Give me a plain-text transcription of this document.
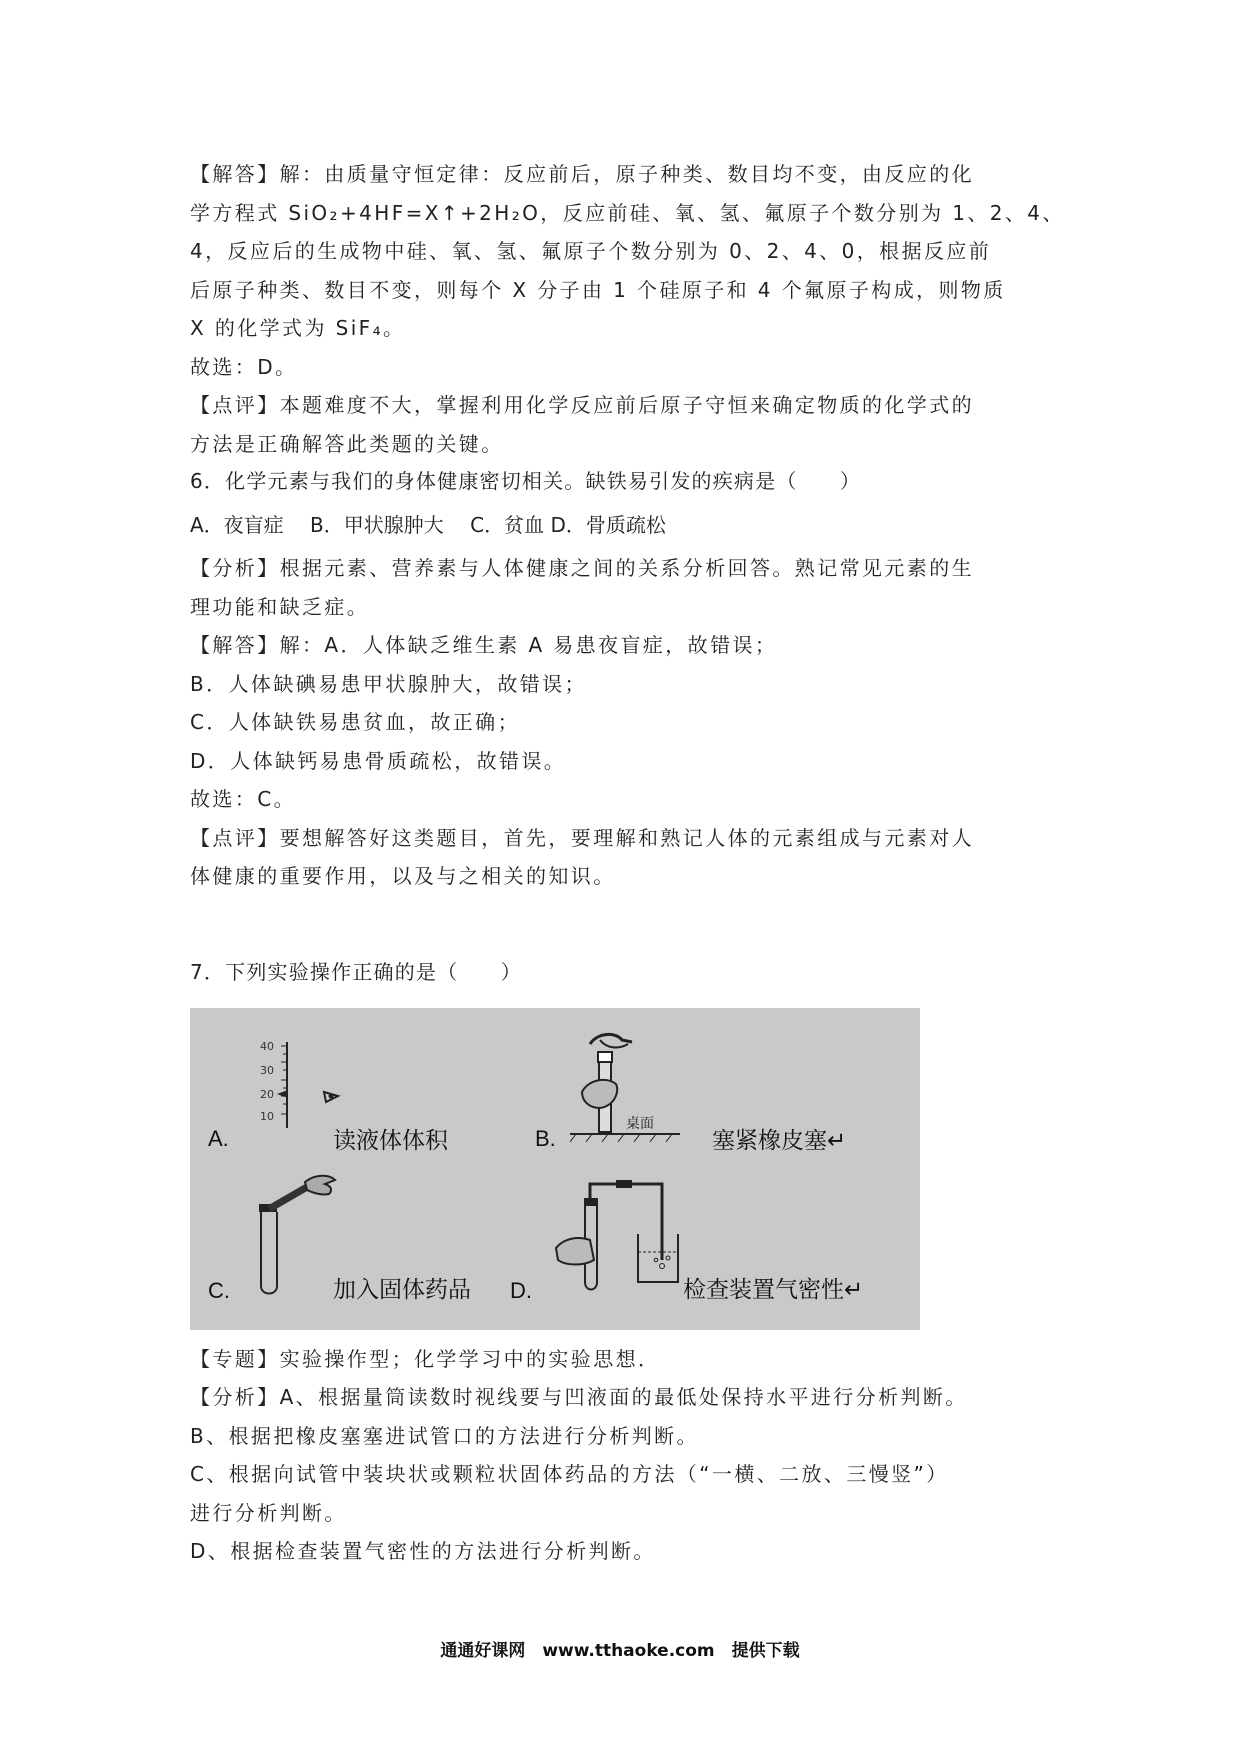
【解答】解：由质量守恒定律：反应前后，原子种类、数目均不变，由反应的化
学方程式 SiO₂+4HF=X↑+2H₂O，反应前硅、氧、氢、氟原子个数分别为 1、2、4、
4，反应后的生成物中硅、氧、氢、氟原子个数分别为 0、2、4、0，根据反应前
后原子种类、数目不变，则每个 X 分子由 1 个硅原子和 4 个氟原子构成，则物质
X 的化学式为 SiF₄。
故选：D。
【点评】本题难度不大，掌握利用化学反应前后原子守恒来确定物质的化学式的
方法是正确解答此类题的关键。
6．化学元素与我们的身体健康密切相关。缺铁易引发的疾病是（　　）
A．夜盲症　 B．甲状腺肿大　 C．贫血 D．骨质疏松
【分析】根据元素、营养素与人体健康之间的关系分析回答。熟记常见元素的生
理功能和缺乏症。
【解答】解：A．人体缺乏维生素 A 易患夜盲症，故错误；
B．人体缺碘易患甲状腺肿大，故错误；
C．人体缺铁易患贫血，故正确；
D．人体缺钙易患骨质疏松，故错误。
故选：C。
【点评】要想解答好这类题目，首先，要理解和熟记人体的元素组成与元素对人
体健康的重要作用，以及与之相关的知识。
7．下列实验操作正确的是（　　）
A.
40
30
20
10
读液体体积	B.
桌面
塞紧橡皮塞↵
C.	加入固体药品 D.	检查装置气密性↵
【专题】实验操作型；化学学习中的实验思想．
【分析】A、根据量筒读数时视线要与凹液面的最低处保持水平进行分析判断。
B、根据把橡皮塞塞进试管口的方法进行分析判断。
C、根据向试管中装块状或颗粒状固体药品的方法（“一横、二放、三慢竖”）
进行分析判断。
D、根据检查装置气密性的方法进行分析判断。
通通好课网　www.tthaoke.com　提供下载
